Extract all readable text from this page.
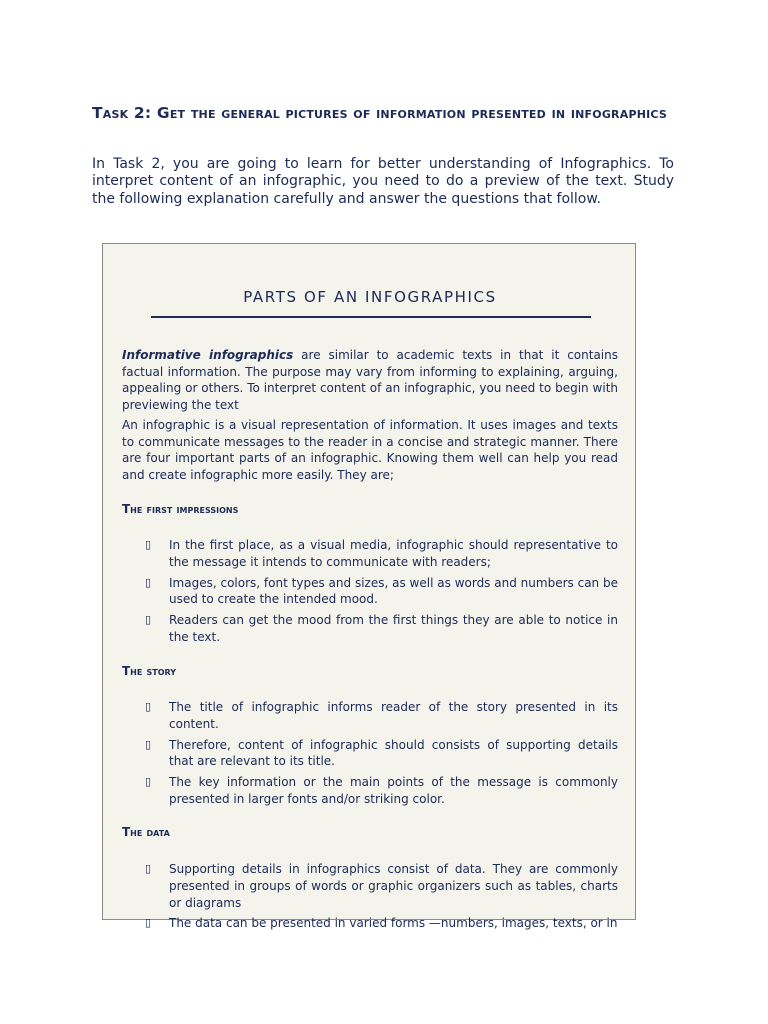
Task 2: Get the general pictures of information presented in infographics
In Task 2, you are going to learn for better understanding of Infographics. To interpret content of an infographic, you need to do a preview of the text. Study the following explanation carefully and answer the questions that follow.
PARTS OF AN INFOGRAPHICS

Informative infographics are similar to academic texts in that it contains factual information. The purpose may vary from informing to explaining, arguing, appealing or others. To interpret content of an infographic, you need to begin with previewing the text

An infographic is a visual representation of information. It uses images and texts to communicate messages to the reader in a concise and strategic manner. There are four important parts of an infographic. Knowing them well can help you read and create infographic more easily. They are;

The first impressions
▯ In the first place, as a visual media, infographic should representative to the message it intends to communicate with readers;
▯ Images, colors, font types and sizes, as well as words and numbers can be used to create the intended mood.
▯ Readers can get the mood from the first things they are able to notice in the text.
The story
▯ The title of infographic informs reader of the story presented in its content.
▯ Therefore, content of infographic should consists of supporting details that are relevant to its title.
▯ The key information or the main points of the message is commonly presented in larger fonts and/or striking color.
The data
▯ Supporting details in infographics consist of data. They are commonly presented in groups of words or graphic organizers such as tables, charts or diagrams
▯ The data can be presented in varied forms —numbers, images, texts, or in
